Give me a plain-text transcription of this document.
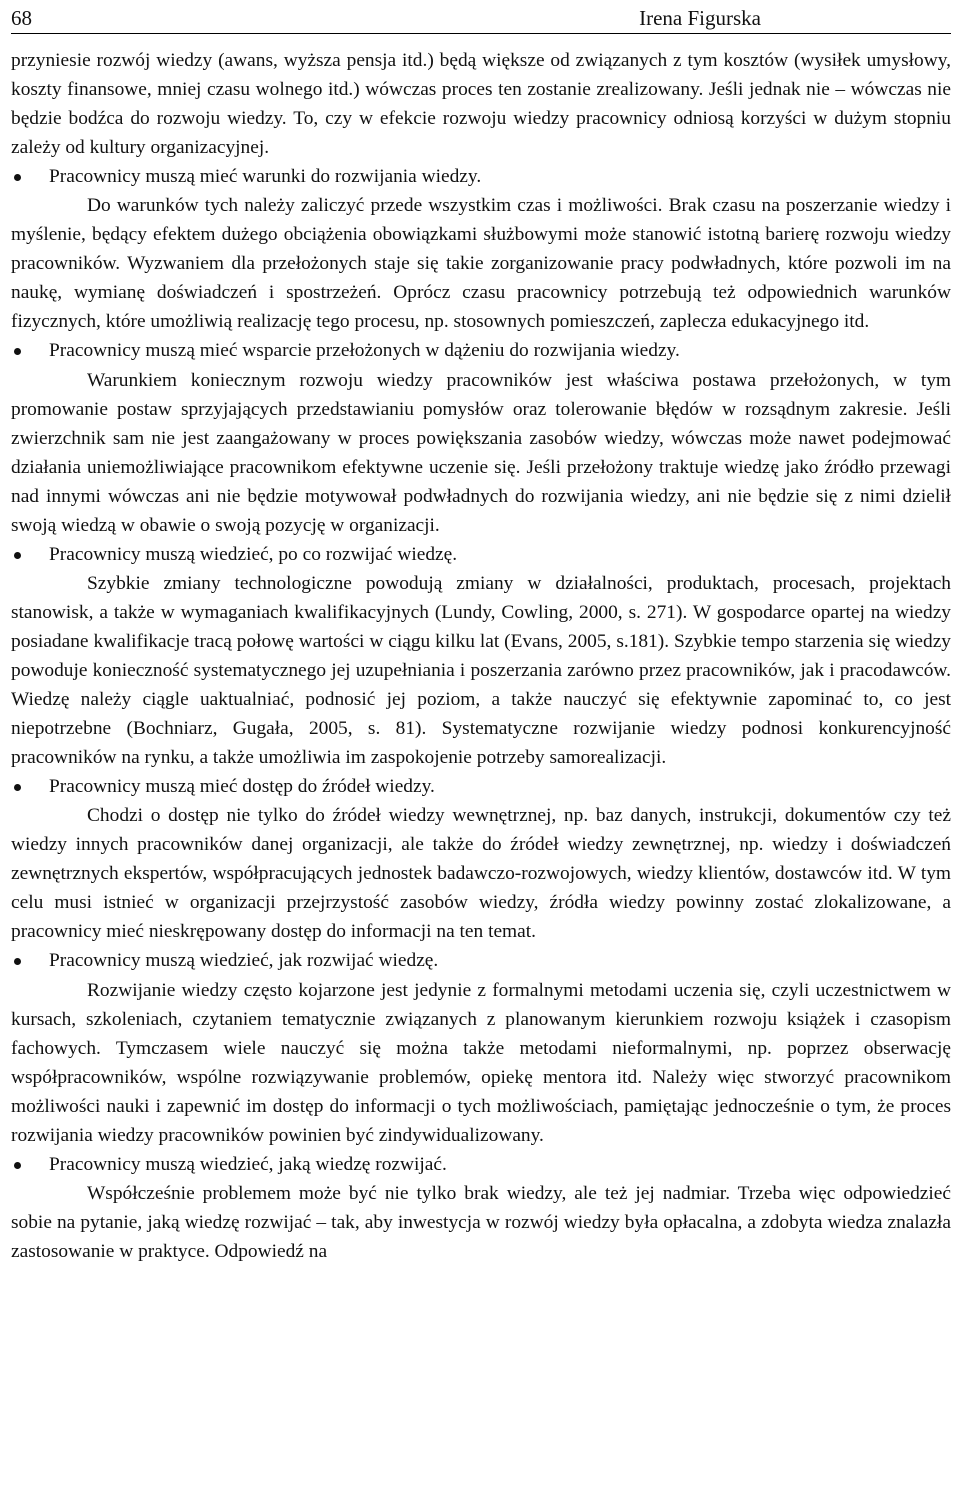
68	Irena Figurska

przyniesie rozwój wiedzy (awans, wyższa pensja itd.) będą większe od związanych z tym kosztów (wysiłek umysłowy, koszty finansowe, mniej czasu wolnego itd.) wówczas proces ten zostanie zrealizowany. Jeśli jednak nie – wówczas nie będzie bodźca do rozwoju wiedzy. To, czy w efekcie rozwoju wiedzy pracownicy odniosą korzyści w dużym stopniu zależy od kultury organizacyjnej.

Pracownicy muszą mieć warunki do rozwijania wiedzy.

Do warunków tych należy zaliczyć przede wszystkim czas i możliwości. Brak czasu na poszerzanie wiedzy i myślenie, będący efektem dużego obciążenia obowiązkami służbowymi może stanowić istotną barierę rozwoju wiedzy pracowników. Wyzwaniem dla przełożonych staje się takie zorganizowanie pracy podwładnych, które pozwoli im na naukę, wymianę doświadczeń i spostrzeżeń. Oprócz czasu pracownicy potrzebują też odpowiednich warunków fizycznych, które umożliwią realizację tego procesu, np. stosownych pomieszczeń, zaplecza edukacyjnego itd.

Pracownicy muszą mieć wsparcie przełożonych w dążeniu do rozwijania wiedzy.

Warunkiem koniecznym rozwoju wiedzy pracowników jest właściwa postawa przełożonych, w tym promowanie postaw sprzyjających przedstawianiu pomysłów oraz tolerowanie błędów w rozsądnym zakresie. Jeśli zwierzchnik sam nie jest zaangażowany w proces powiększania zasobów wiedzy, wówczas może nawet podejmować działania uniemożliwiające pracownikom efektywne uczenie się. Jeśli przełożony traktuje wiedzę jako źródło przewagi nad innymi wówczas ani nie będzie motywował podwładnych do rozwijania wiedzy, ani nie będzie się z nimi dzielił swoją wiedzą w obawie o swoją pozycję w organizacji.

Pracownicy muszą wiedzieć, po co rozwijać wiedzę.

Szybkie zmiany technologiczne powodują zmiany w działalności, produktach, procesach, projektach stanowisk, a także w wymaganiach kwalifikacyjnych (Lundy, Cowling, 2000, s. 271). W gospodarce opartej na wiedzy posiadane kwalifikacje tracą połowę wartości w ciągu kilku lat (Evans, 2005, s.181). Szybkie tempo starzenia się wiedzy powoduje konieczność systematycznego jej uzupełniania i poszerzania zarówno przez pracowników, jak i pracodawców. Wiedzę należy ciągle uaktualniać, podnosić jej poziom, a także nauczyć się efektywnie zapominać to, co jest niepotrzebne (Bochniarz, Gugała, 2005, s. 81). Systematyczne rozwijanie wiedzy podnosi konkurencyjność pracowników na rynku, a także umożliwia im zaspokojenie potrzeby samorealizacji.

Pracownicy muszą mieć dostęp do źródeł wiedzy.

Chodzi o dostęp nie tylko do źródeł wiedzy wewnętrznej, np. baz danych, instrukcji, dokumentów czy też wiedzy innych pracowników danej organizacji, ale także do źródeł wiedzy zewnętrznej, np. wiedzy i doświadczeń zewnętrznych ekspertów, współpracujących jednostek badawczo-rozwojowych, wiedzy klientów, dostawców itd. W tym celu musi istnieć w organizacji przejrzystość zasobów wiedzy, źródła wiedzy powinny zostać zlokalizowane, a pracownicy mieć nieskrępowany dostęp do informacji na ten temat.

Pracownicy muszą wiedzieć, jak rozwijać wiedzę.

Rozwijanie wiedzy często kojarzone jest jedynie z formalnymi metodami uczenia się, czyli uczestnictwem w kursach, szkoleniach, czytaniem tematycznie związanych z planowanym kierunkiem rozwoju książek i czasopism fachowych. Tymczasem wiele nauczyć się można także metodami nieformalnymi, np. poprzez obserwację współpracowników, wspólne rozwiązywanie problemów, opiekę mentora itd. Należy więc stworzyć pracownikom możliwości nauki i zapewnić im dostęp do informacji o tych możliwościach, pamiętając jednocześnie o tym, że proces rozwijania wiedzy pracowników powinien być zindywidualizowany.

Pracownicy muszą wiedzieć, jaką wiedzę rozwijać.

Współcześnie problemem może być nie tylko brak wiedzy, ale też jej nadmiar. Trzeba więc odpowiedzieć sobie na pytanie, jaką wiedzę rozwijać – tak, aby inwestycja w rozwój wiedzy była opłacalna, a zdobyta wiedza znalazła zastosowanie w praktyce. Odpowiedź na
